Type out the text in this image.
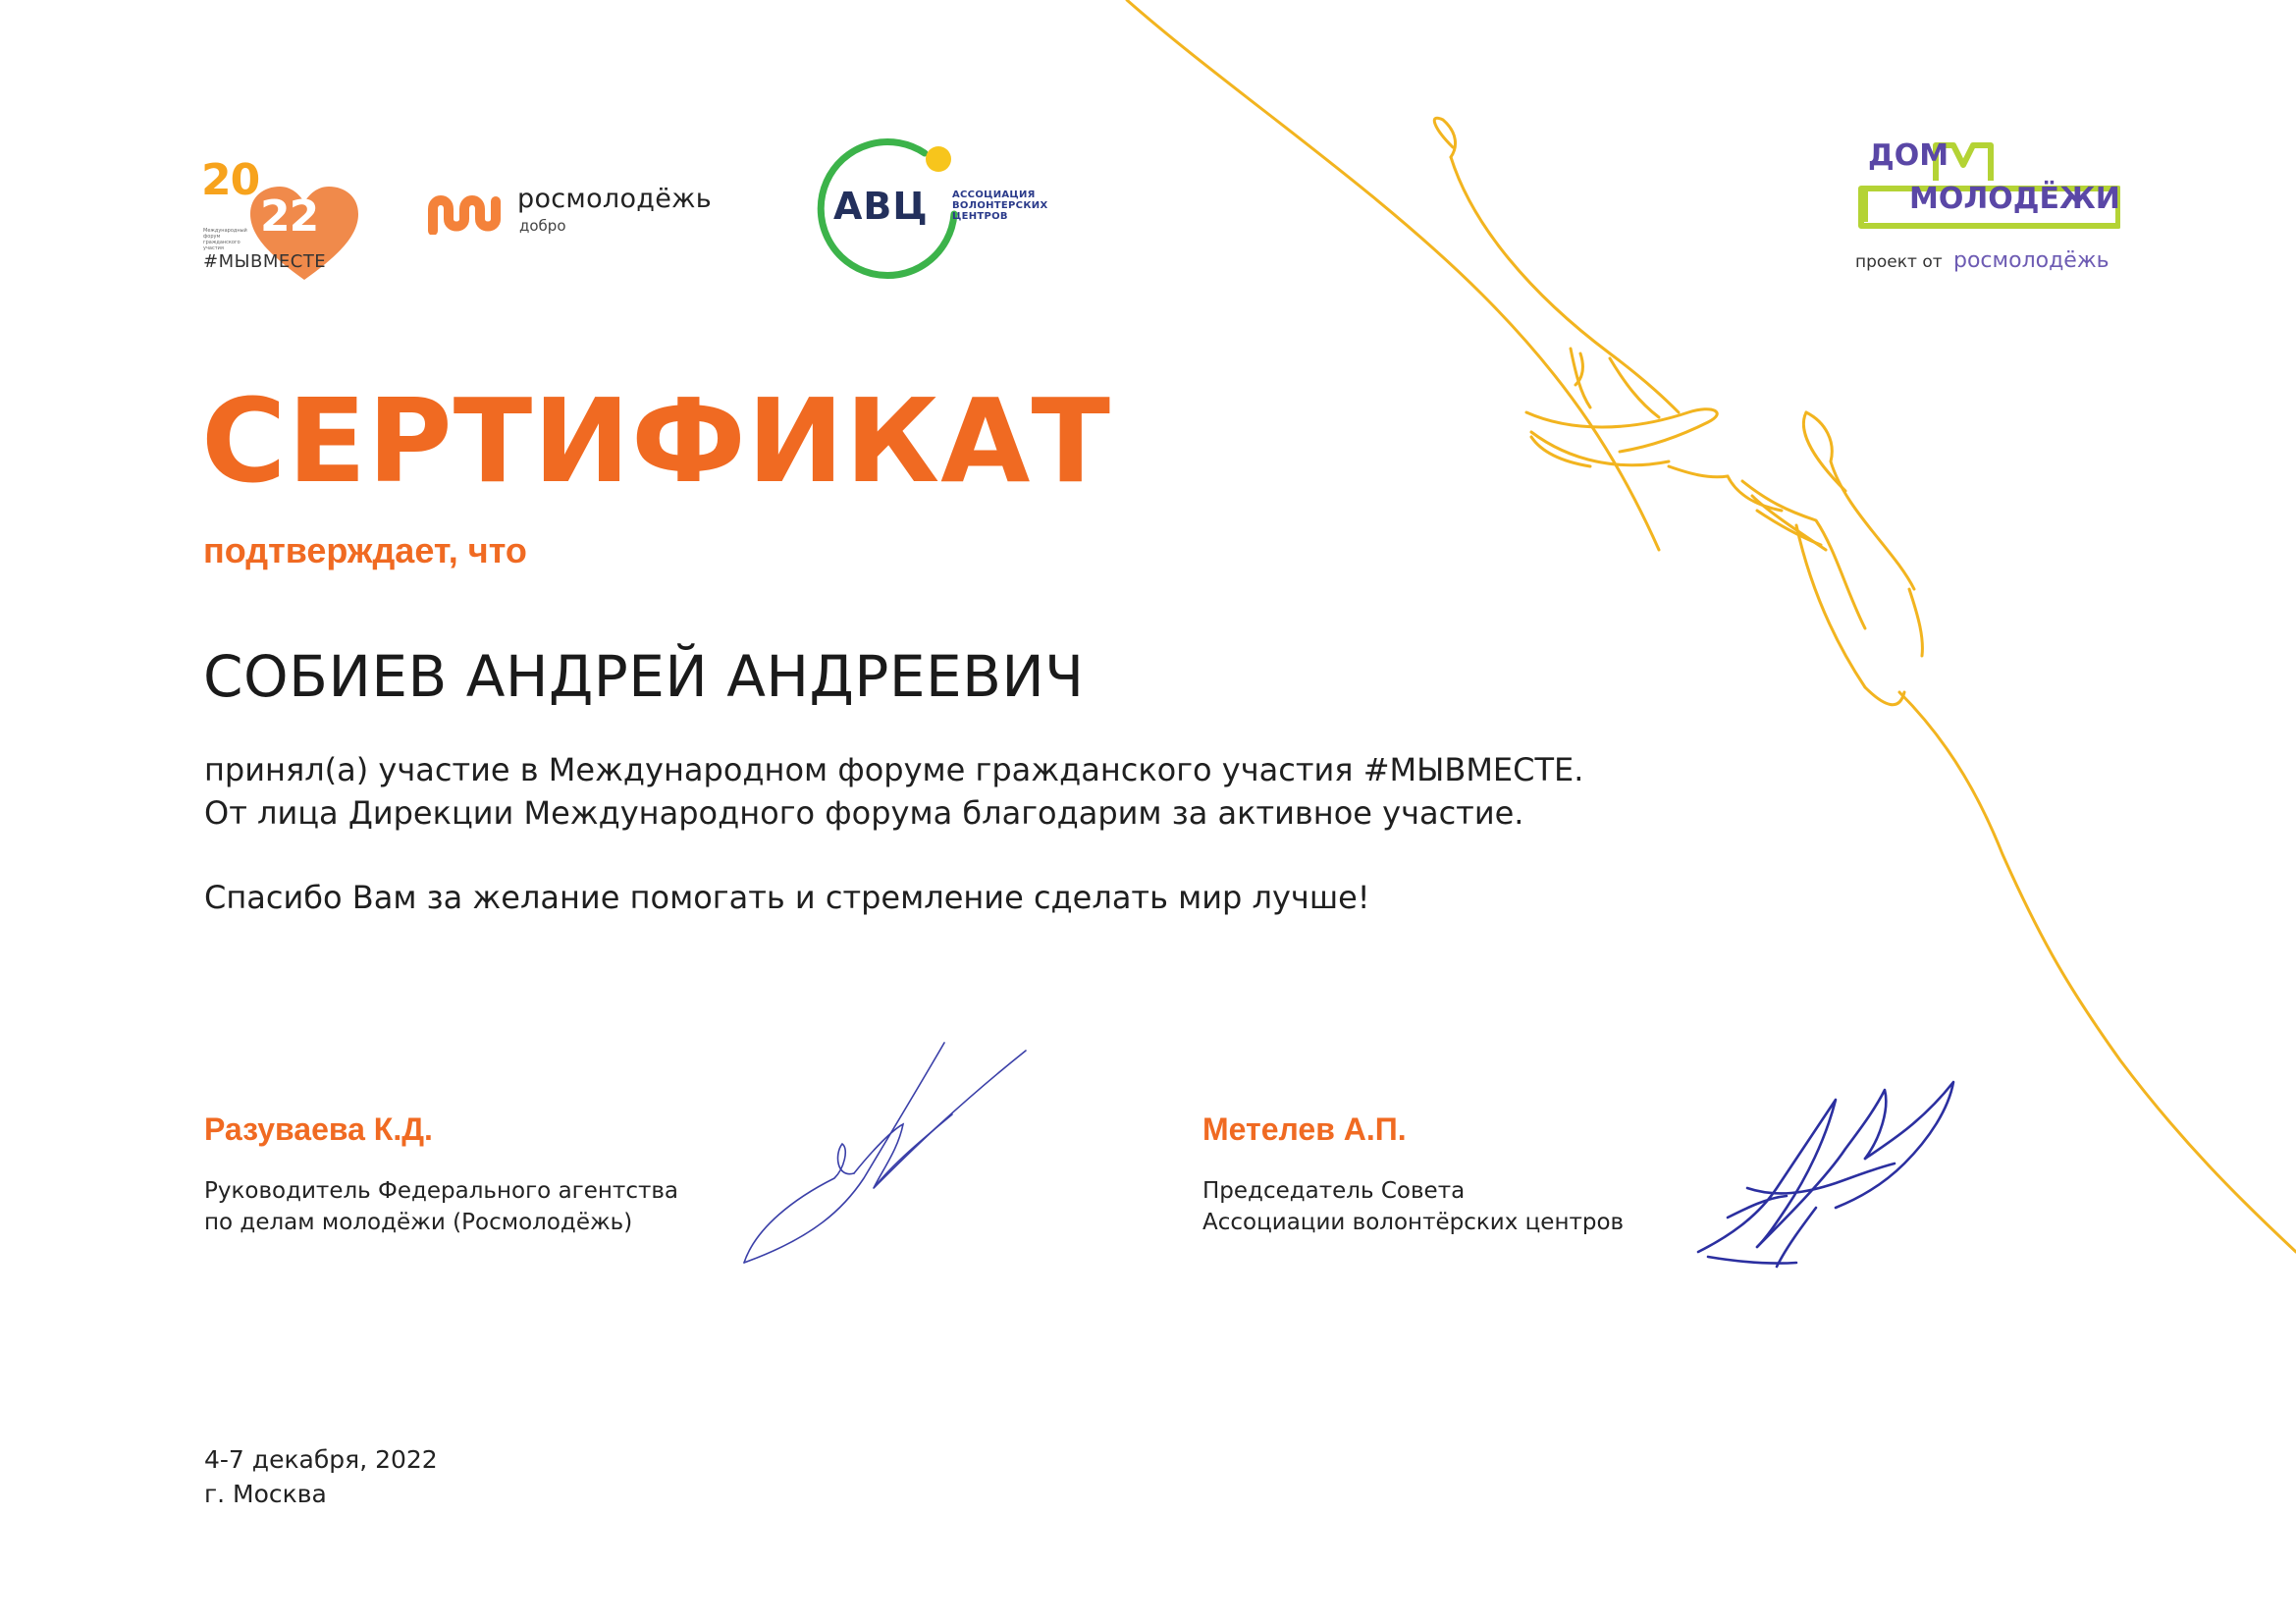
20
22
Международный форум гражданского участия
#МЫВМЕСТЕ
росмолодёжь
добро	АВЦ АССОЦИАЦИЯ
ВОЛОНТЕРСКИХ
ЦЕНТРОВ
ДОМ
МОЛОДЁЖИ
проект от росмолодёжь
СЕРТИФИКАТ
подтверждает, что
СОБИЕВ АНДРЕЙ АНДРЕЕВИЧ
принял(а) участие в Международном форуме гражданского участия #МЫВМЕСТЕ.
От лица Дирекции Международного форума благодарим за активное участие.
Спасибо Вам за желание помогать и стремление сделать мир лучше!
Разуваева К.Д.
Руководитель Федерального агентства
по делам молодёжи (Росмолодёжь)
Метелев А.П.
Председатель Совета
Ассоциации волонтёрских центров
4-7 декабря, 2022
г. Москва
